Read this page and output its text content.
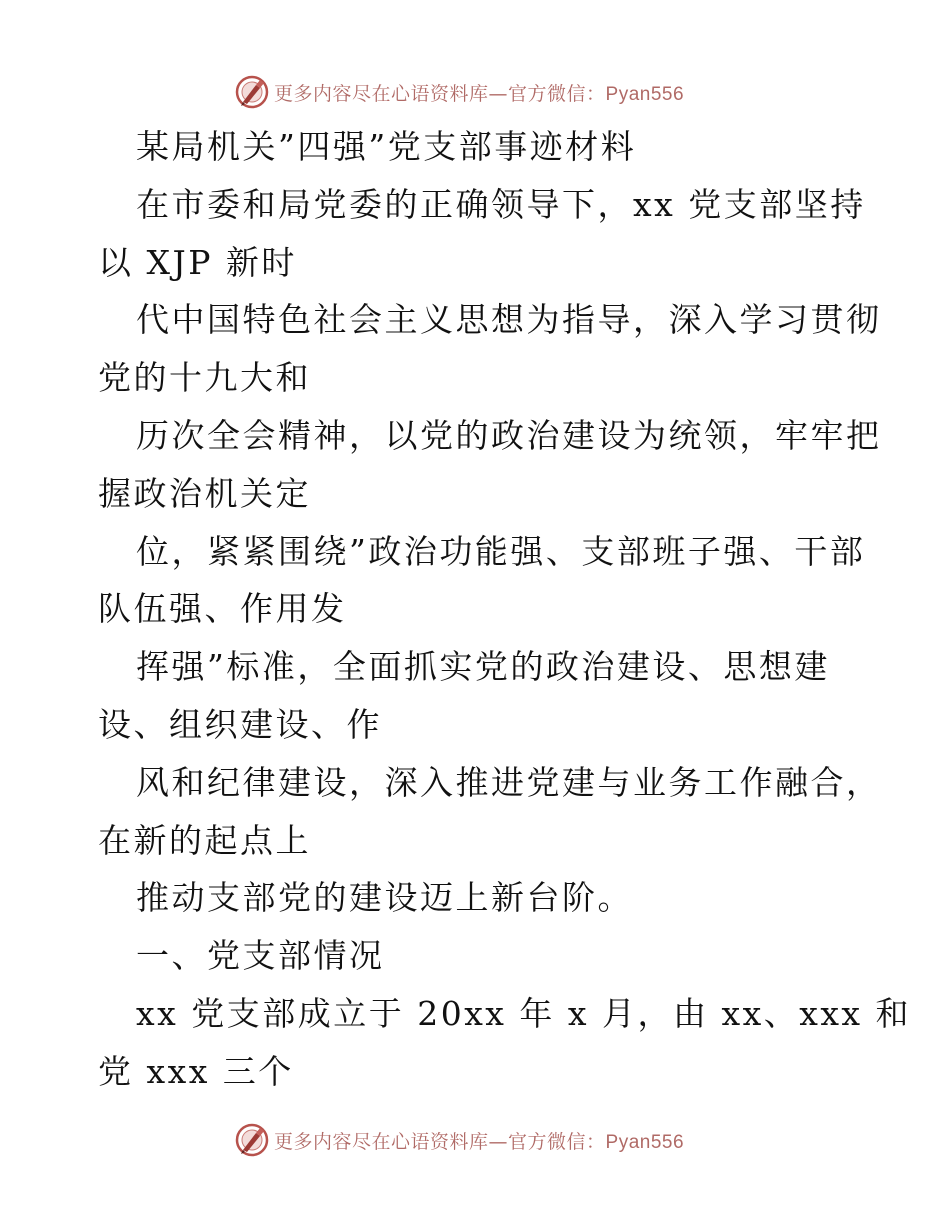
更多内容尽在心语资料库—官方微信：Pyan556
某局机关”四强”党支部事迹材料
在市委和局党委的正确领导下，xx 党支部坚持
以 XJP 新时
代中国特色社会主义思想为指导，深入学习贯彻
党的十九大和
历次全会精神，以党的政治建设为统领，牢牢把
握政治机关定
位，紧紧围绕”政治功能强、支部班子强、干部
队伍强、作用发
挥强”标准，全面抓实党的政治建设、思想建
设、组织建设、作
风和纪律建设，深入推进党建与业务工作融合，
在新的起点上
推动支部党的建设迈上新台阶。
一、党支部情况
xx 党支部成立于 20xx 年 x 月，由 xx、xxx 和
党 xxx 三个
更多内容尽在心语资料库—官方微信：Pyan556
